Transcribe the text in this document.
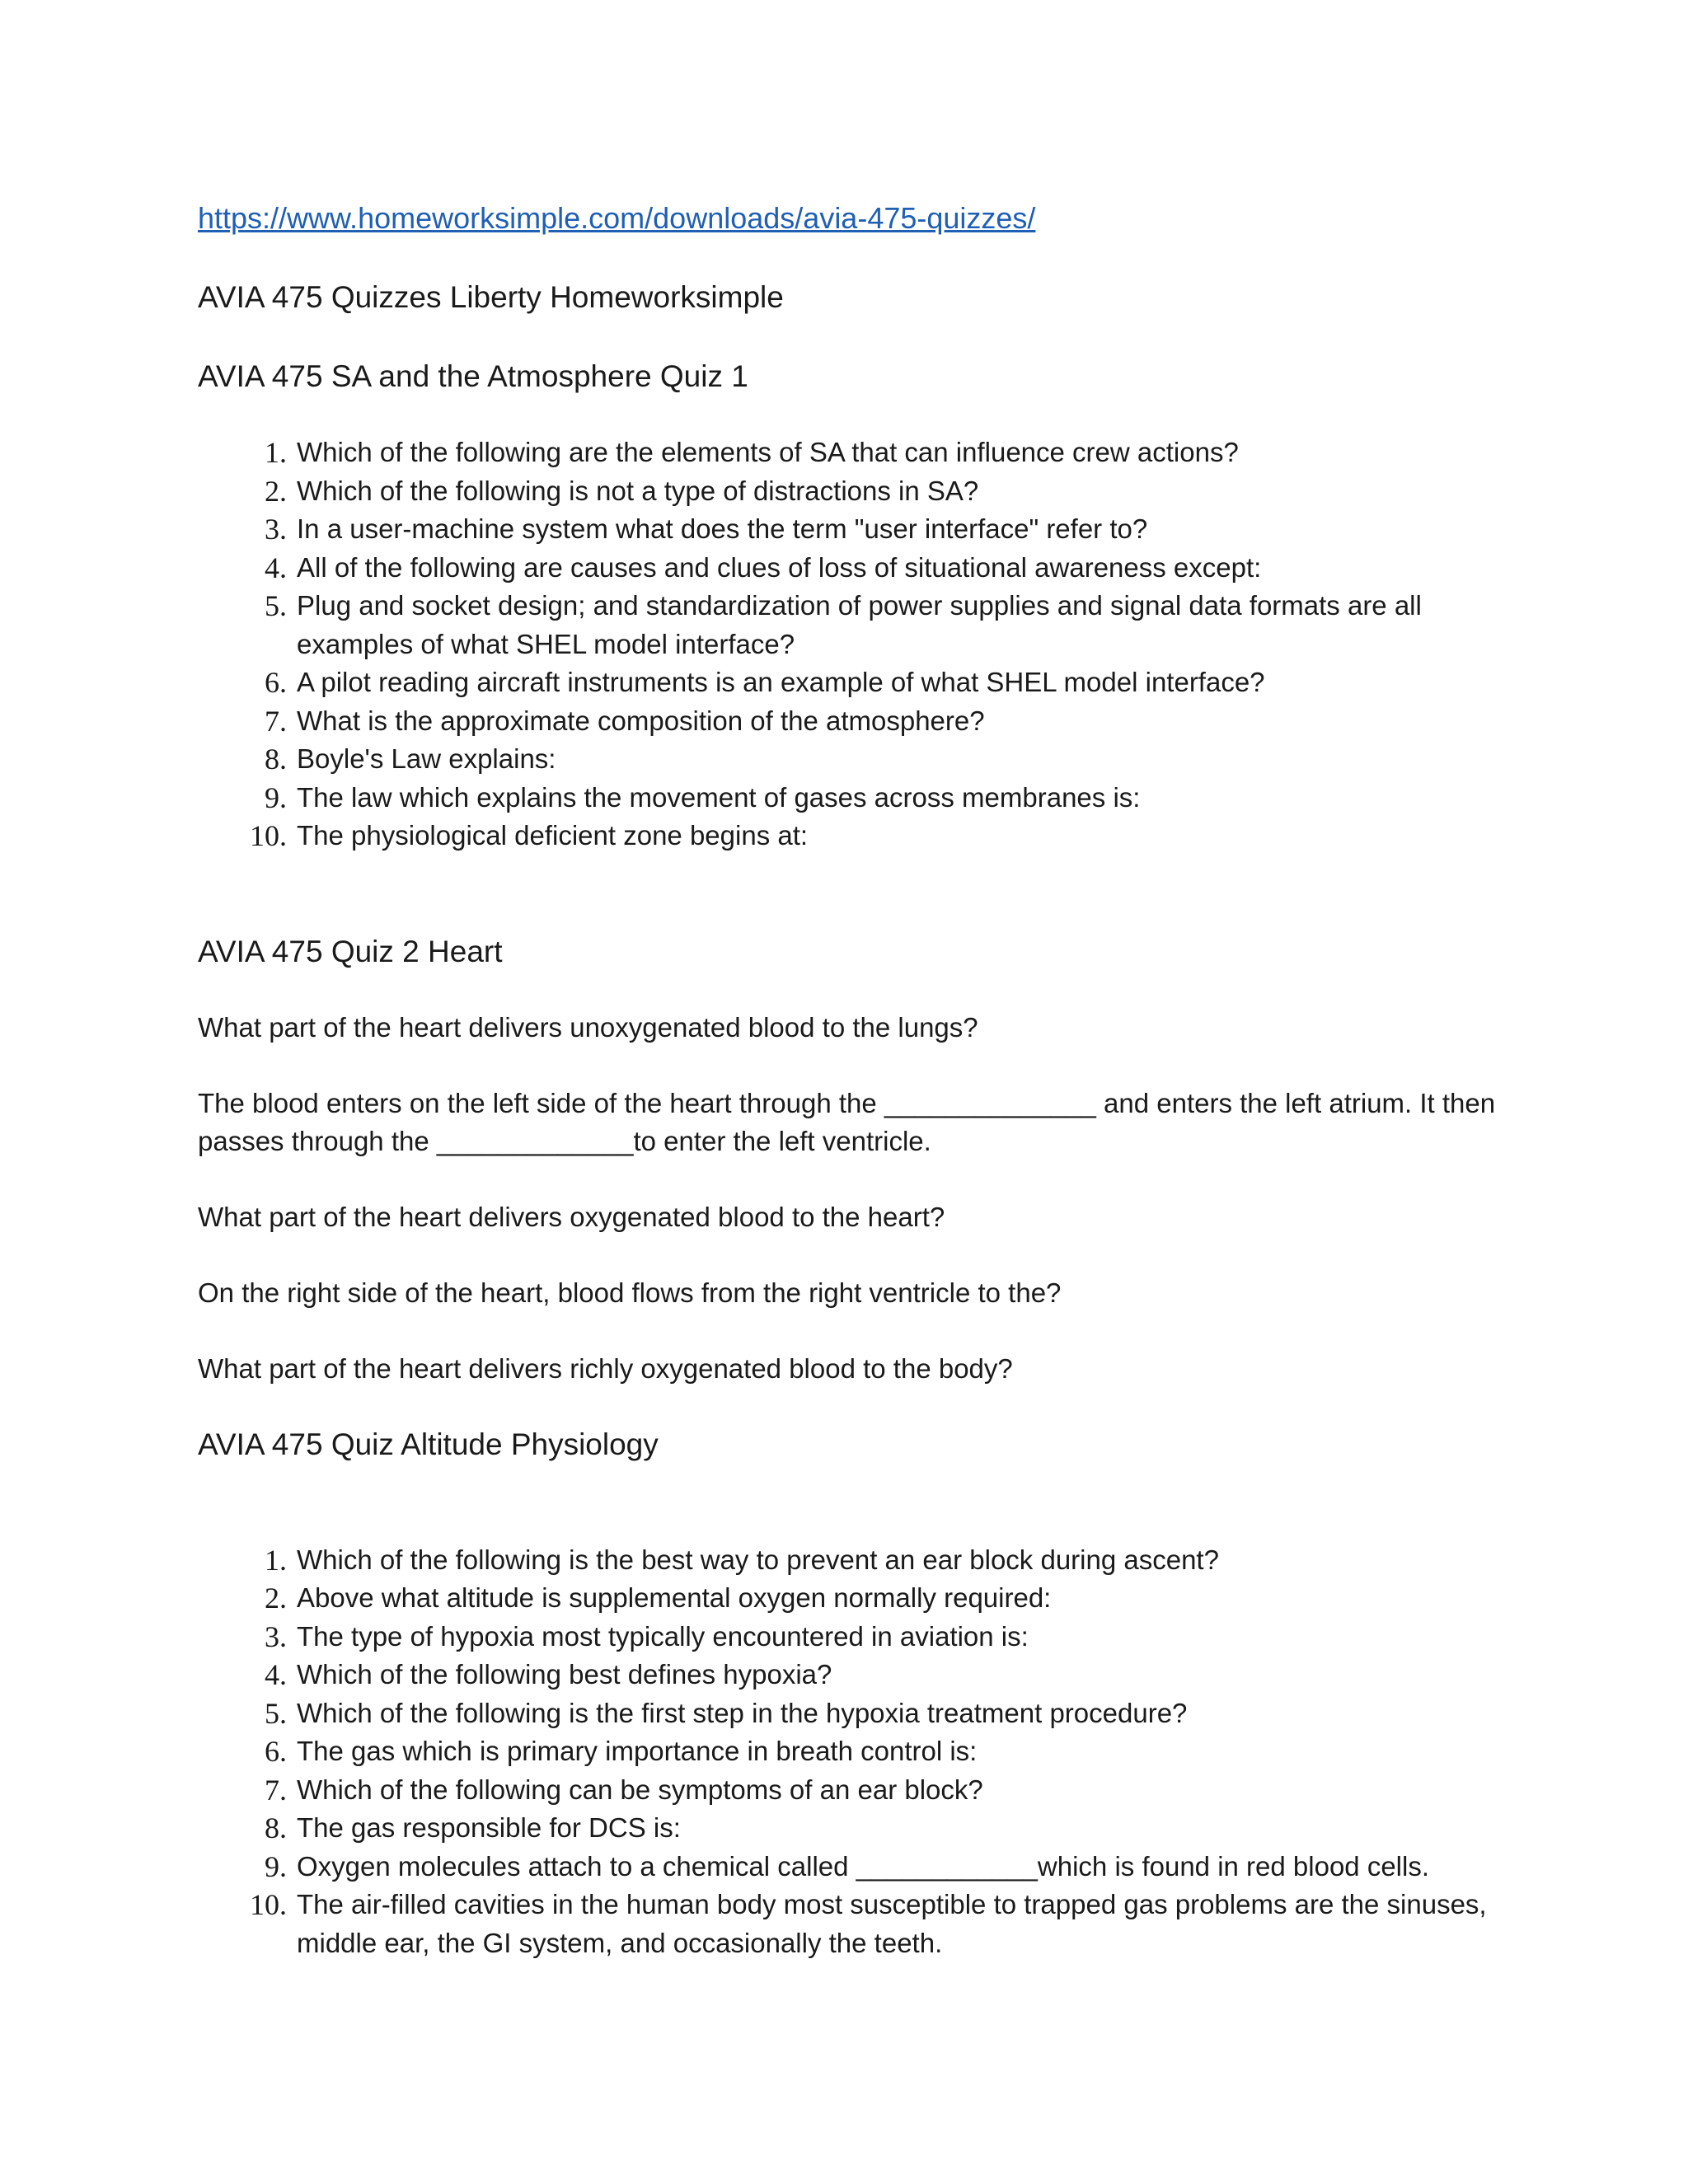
https://www.homeworksimple.com/downloads/avia-475-quizzes/
AVIA 475 Quizzes Liberty Homeworksimple
AVIA 475 SA and the Atmosphere Quiz 1
1. Which of the following are the elements of SA that can influence crew actions?
2. Which of the following is not a type of distractions in SA?
3. In a user-machine system what does the term "user interface" refer to?
4. All of the following are causes and clues of loss of situational awareness except:
5. Plug and socket design; and standardization of power supplies and signal data formats are all examples of what SHEL model interface?
6. A pilot reading aircraft instruments is an example of what SHEL model interface?
7. What is the approximate composition of the atmosphere?
8. Boyle's Law explains:
9. The law which explains the movement of gases across membranes is:
10. The physiological deficient zone begins at:
AVIA 475 Quiz 2 Heart

What part of the heart delivers unoxygenated blood to the lungs?

The blood enters on the left side of the heart through the ______________ and enters the left atrium. It then passes through the _____________to enter the left ventricle.

What part of the heart delivers oxygenated blood to the heart?

On the right side of the heart, blood flows from the right ventricle to the?

What part of the heart delivers richly oxygenated blood to the body?

AVIA 475 Quiz Altitude Physiology
1. Which of the following is the best way to prevent an ear block during ascent?
2. Above what altitude is supplemental oxygen normally required:
3. The type of hypoxia most typically encountered in aviation is:
4. Which of the following best defines hypoxia?
5. Which of the following is the first step in the hypoxia treatment procedure?
6. The gas which is primary importance in breath control is:
7. Which of the following can be symptoms of an ear block?
8. The gas responsible for DCS is:
9. Oxygen molecules attach to a chemical called ____________which is found in red blood cells.
10. The air-filled cavities in the human body most susceptible to trapped gas problems are the sinuses, middle ear, the GI system, and occasionally the teeth.
